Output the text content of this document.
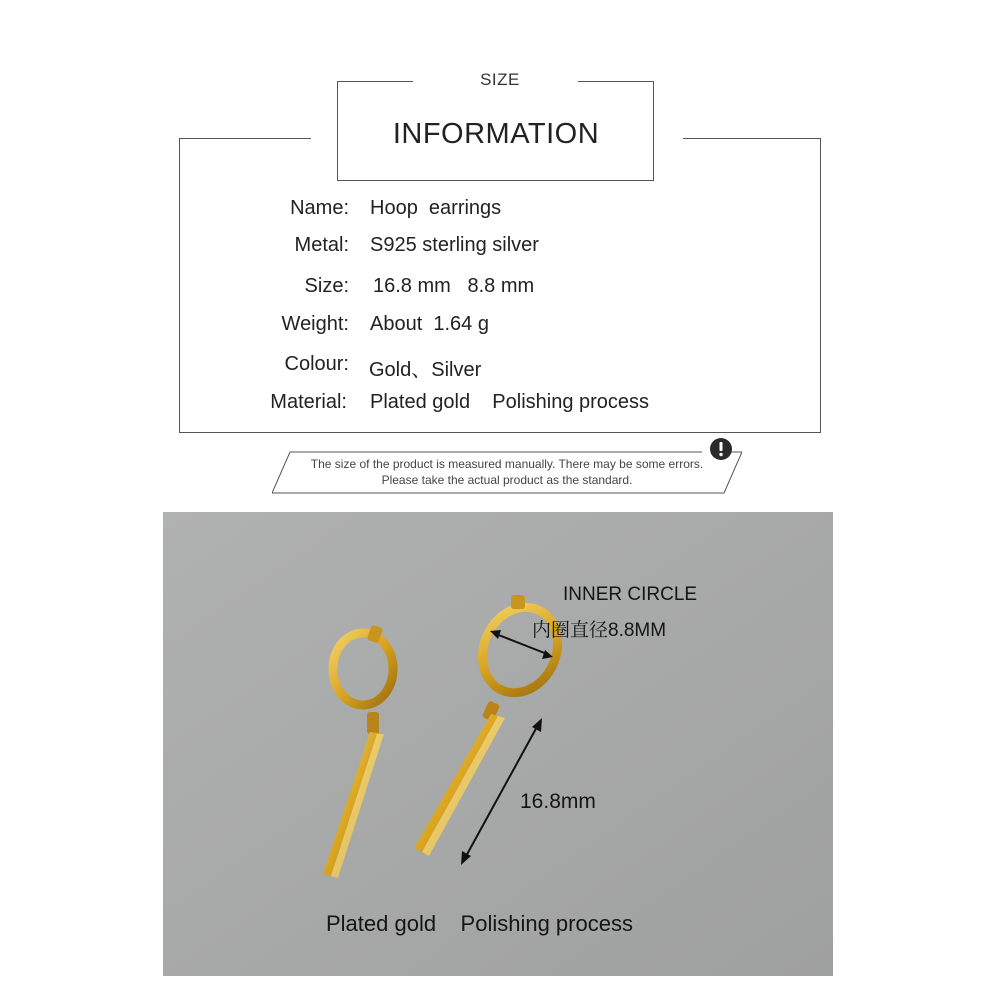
SIZE
INFORMATION
Name: Hoop  earrings
Metal: S925 sterling silver
Size: 16.8 mm   8.8 mm
Weight: About  1.64 g
Colour: Gold、Silver
Material: Plated gold    Polishing process
The size of the product is measured manually. There may be some errors.
Please take the actual product as the standard.
INNER CIRCLE
内圈直径8.8MM
16.8mm
Plated gold    Polishing process
